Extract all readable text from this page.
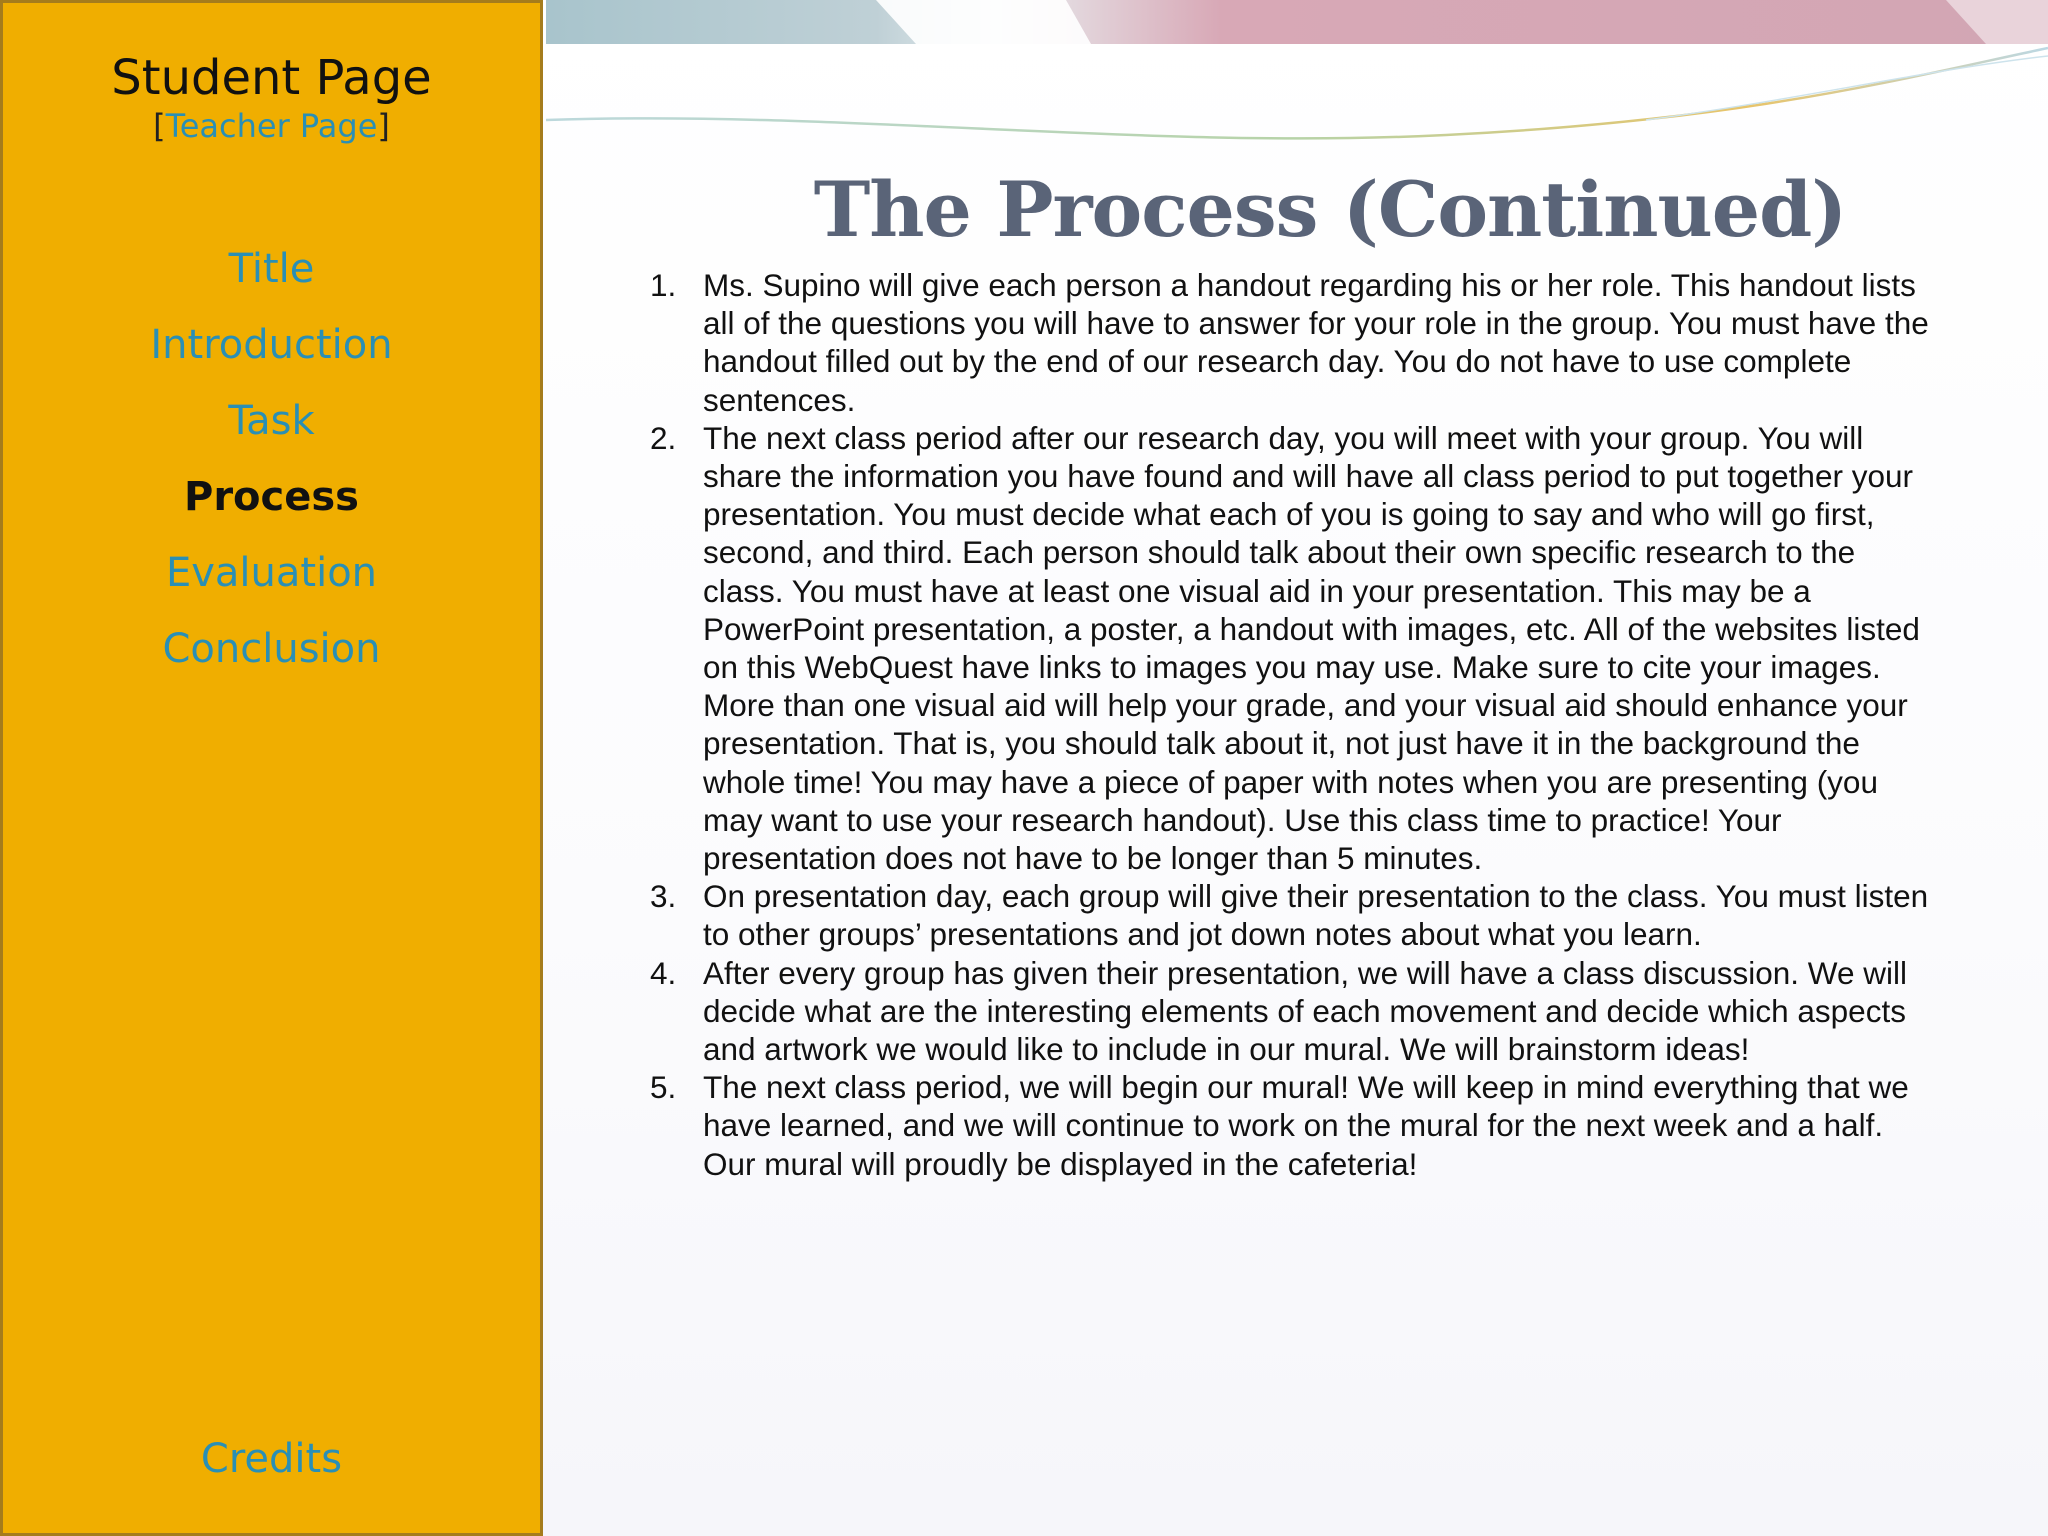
Student Page
[Teacher Page]
Title
Introduction
Task
Process
Evaluation
Conclusion
Credits
The Process (Continued)
1. Ms. Supino will give each person a handout regarding his or her role. This handout lists all of the questions you will have to answer for your role in the group. You must have the handout filled out by the end of our research day. You do not have to use complete sentences.
2. The next class period after our research day, you will meet with your group. You will share the information you have found and will have all class period to put together your presentation. You must decide what each of you is going to say and who will go first, second, and third. Each person should talk about their own specific research to the class. You must have at least one visual aid in your presentation. This may be a PowerPoint presentation, a poster, a handout with images, etc. All of the websites listed on this WebQuest have links to images you may use. Make sure to cite your images. More than one visual aid will help your grade, and your visual aid should enhance your presentation. That is, you should talk about it, not just have it in the background the whole time! You may have a piece of paper with notes when you are presenting (you may want to use your research handout). Use this class time to practice! Your presentation does not have to be longer than 5 minutes.
3. On presentation day, each group will give their presentation to the class. You must listen to other groups’ presentations and jot down notes about what you learn.
4. After every group has given their presentation, we will have a class discussion. We will decide what are the interesting elements of each movement and decide which aspects and artwork we would like to include in our mural. We will brainstorm ideas!
5. The next class period, we will begin our mural! We will keep in mind everything that we have learned, and we will continue to work on the mural for the next week and a half. Our mural will proudly be displayed in the cafeteria!
